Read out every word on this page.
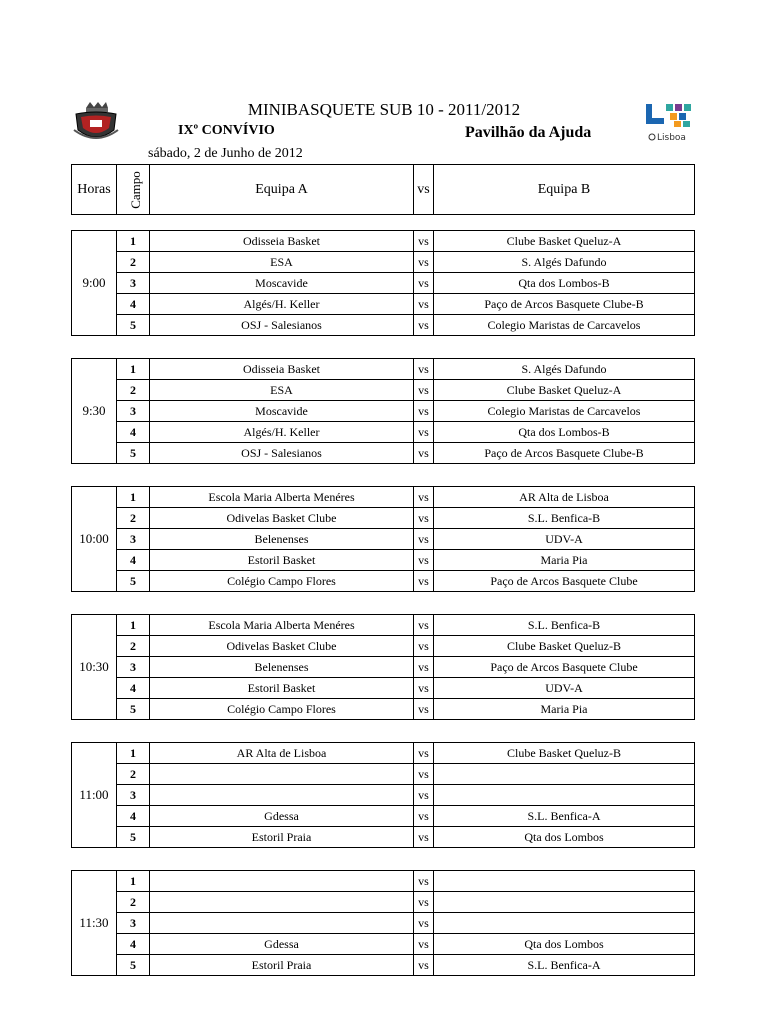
MINIBASQUETE SUB 10 - 2011/2012
IXº CONVÍVIO	Pavilhão da Ajuda
sábado, 2 de Junho de 2012
Lisboa
Horas	Campo	Equipa A	vs	Equipa B
9:00	1	Odisseia Basket	vs	Clube Basket Queluz-A
	2	ESA	vs	S. Algés Dafundo
	3	Moscavide	vs	Qta dos Lombos-B
	4	Algés/H. Keller	vs	Paço de Arcos Basquete Clube-B
	5	OSJ - Salesianos	vs	Colegio Maristas de Carcavelos
9:30	1	Odisseia Basket	vs	S. Algés Dafundo
	2	ESA	vs	Clube Basket Queluz-A
	3	Moscavide	vs	Colegio Maristas de Carcavelos
	4	Algés/H. Keller	vs	Qta dos Lombos-B
	5	OSJ - Salesianos	vs	Paço de Arcos Basquete Clube-B
10:00	1	Escola Maria Alberta Menéres	vs	AR Alta de Lisboa
	2	Odivelas Basket Clube	vs	S.L. Benfica-B
	3	Belenenses	vs	UDV-A
	4	Estoril Basket	vs	Maria Pia
	5	Colégio Campo Flores	vs	Paço de Arcos Basquete Clube
10:30	1	Escola Maria Alberta Menéres	vs	S.L. Benfica-B
	2	Odivelas Basket Clube	vs	Clube Basket Queluz-B
	3	Belenenses	vs	Paço de Arcos Basquete Clube
	4	Estoril Basket	vs	UDV-A
	5	Colégio Campo Flores	vs	Maria Pia
11:00	1	AR Alta de Lisboa	vs	Clube Basket Queluz-B
	2		vs	
	3		vs	
	4	Gdessa	vs	S.L. Benfica-A
	5	Estoril Praia	vs	Qta dos Lombos
11:30	1		vs	
	2		vs	
	3		vs	
	4	Gdessa	vs	Qta dos Lombos
	5	Estoril Praia	vs	S.L. Benfica-A
